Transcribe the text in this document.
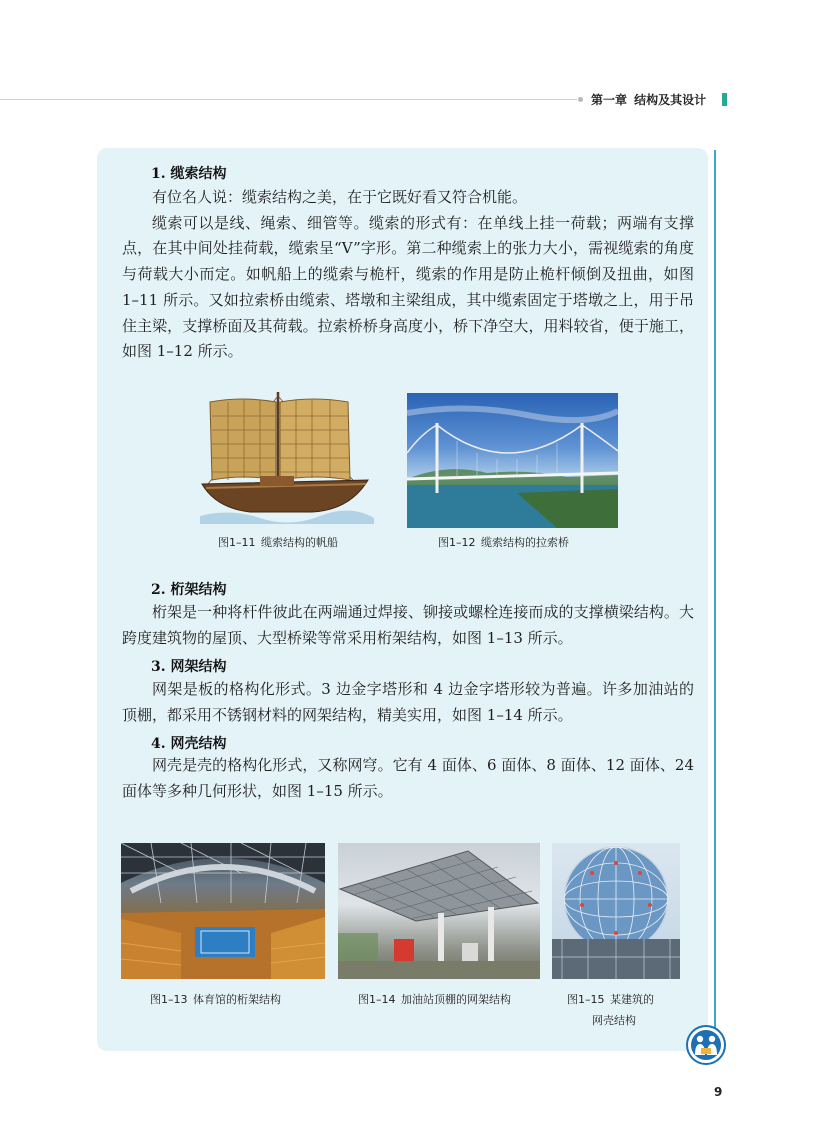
第一章 结构及其设计
1. 缆索结构

有位名人说：缆索结构之美，在于它既好看又符合机能。

缆索可以是线、绳索、细管等。缆索的形式有：在单线上挂一荷载；两端有支撑点，在其中间处挂荷载，缆索呈“V”字形。第二种缆索上的张力大小，需视缆索的角度与荷载大小而定。如帆船上的缆索与桅杆，缆索的作用是防止桅杆倾倒及扭曲，如图 1–11 所示。又如拉索桥由缆索、塔墩和主梁组成，其中缆索固定于塔墩之上，用于吊住主梁，支撑桥面及其荷载。拉索桥桥身高度小，桥下净空大，用料较省，便于施工，如图 1–12 所示。

图1–11 缆索结构的帆船	图1–12 缆索结构的拉索桥
2. 桁架结构

桁架是一种将杆件彼此在两端通过焊接、铆接或螺栓连接而成的支撑横梁结构。大跨度建筑物的屋顶、大型桥梁等常采用桁架结构，如图 1–13 所示。

3. 网架结构

网架是板的格构化形式。3 边金字塔形和 4 边金字塔形较为普遍。许多加油站的顶棚，都采用不锈钢材料的网架结构，精美实用，如图 1–14 所示。

4. 网壳结构

网壳是壳的格构化形式，又称网穹。它有 4 面体、6 面体、8 面体、12 面体、24 面体等多种几何形状，如图 1–15 所示。

图1–13 体育馆的桁架结构	图1–14 加油站顶棚的网架结构	图1–15 某建筑的
网壳结构
9
